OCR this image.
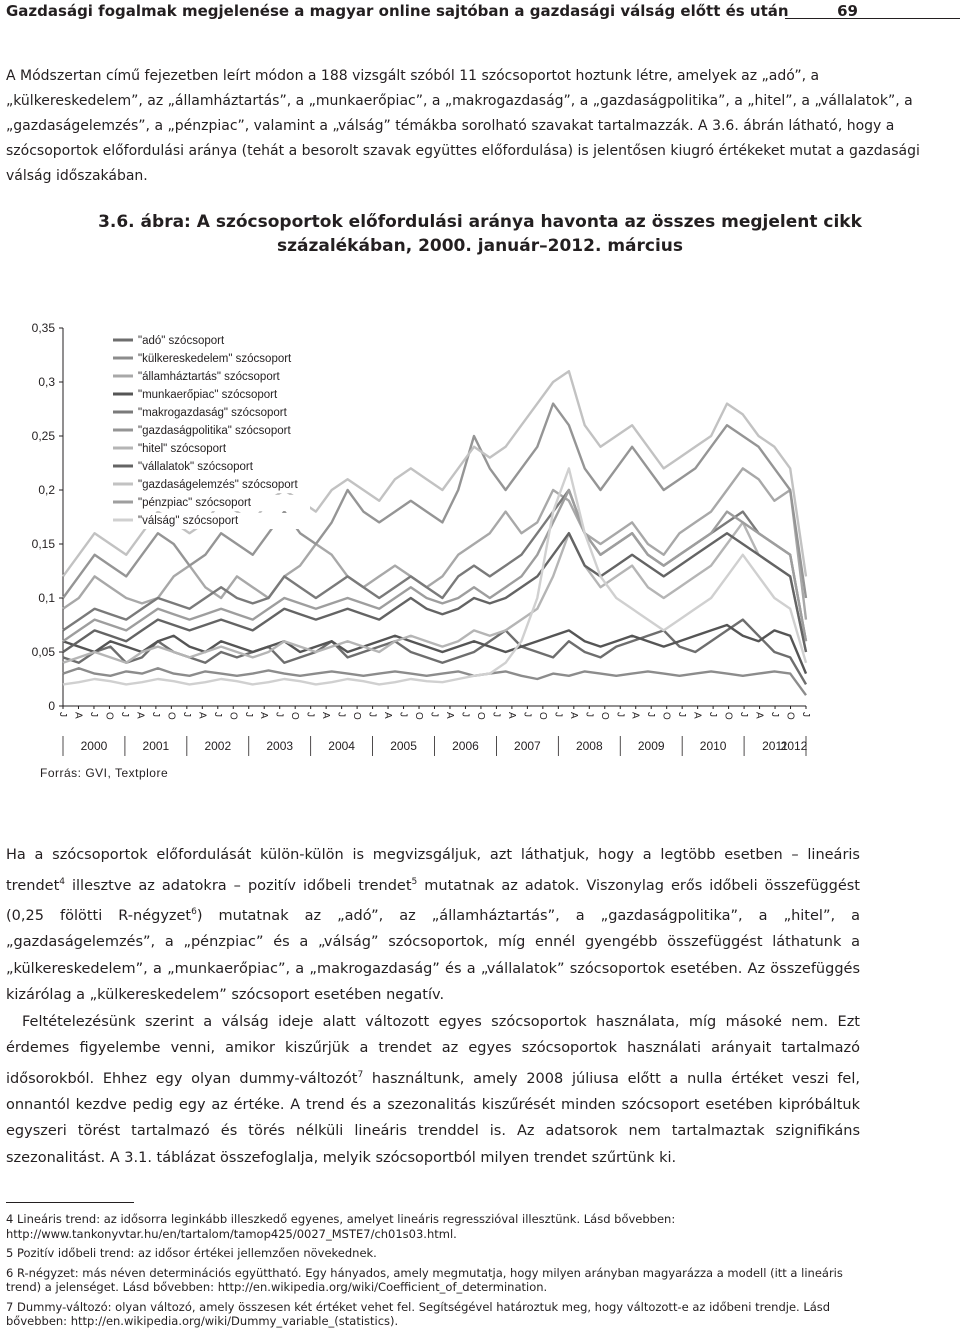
Gazdasági fogalmak megjelenése a magyar online sajtóban a gazdasági válság előtt és után	69

A Módszertan című fejezetben leírt módon a 188 vizsgált szóból 11 szócsoportot hoztunk létre, amelyek az „adó”, a „külkereskedelem”, az „államháztartás”, a „munkaerőpiac”, a „makrogazdaság”, a „gazdaságpolitika”, a „hitel”, a „vállalatok”, a „gazdaságelemzés”, a „pénzpiac”, valamint a „válság” témákba sorolható szavakat tartalmazzák. A 3.6. ábrán látható, hogy a szócsoportok előfordulási aránya (tehát a besorolt szavak együttes előfordulása) is jelentősen kiugró értékeket mutat a gazdasági válság időszakában.

3.6. ábra: A szócsoportok előfordulási aránya havonta az összes megjelent cikk
százalékában, 2000. január–2012. március
0
0,05
0,1
0,15
0,2
0,25
0,3
0,35
J A J O J A J O J A J O J A J O J A J O J A J O J A J O J A J O J A J O J A J O J A J O J A J O J
2000	2001	2002	2003	2004	2005	2006	2007	2008	2009	2010	2011
2012
"adó" szócsoport
"külkereskedelem" szócsoport
"államháztartás" szócsoport
"munkaerőpiac" szócsoport
"makrogazdaság" szócsoport
"gazdaságpolitika" szócsoport
"hitel" szócsoport
"vállalatok" szócsoport
"gazdaságelemzés" szócsoport
"pénzpiac" szócsoport
"válság" szócsoport
Forrás: GVI, Textplore

Ha a szócsoportok előfordulását külön-külön is megvizsgáljuk, azt láthatjuk, hogy a legtöbb esetben – lineáris trendet$^4$ illesztve az adatokra – pozitív időbeli trendet$^5$ mutatnak az adatok. Viszonylag erős időbeli összefüggést (0,25 fölötti R-négyzet$^6$) mutatnak az „adó”, az „államháztartás”, a „gazdaságpolitika”, a „hitel”, a „gazdaságelemzés”, a „pénzpiac” és a „válság” szócsoportok, míg ennél gyengébb összefüggést láthatunk a „külkereskedelem”, a „munkaerőpiac”, a „makrogazdaság” és a „vállalatok” szócsoportok esetében. Az összefüggés kizárólag a „külkereskedelem” szócsoport esetében negatív.

Feltételezésünk szerint a válság ideje alatt változott egyes szócsoportok használata, míg másoké nem. Ezt érdemes figyelembe venni, amikor kiszűrjük a trendet az egyes szócsoportok használati arányait tartalmazó idősorokból. Ehhez egy olyan dummy-változót$^7$ használtunk, amely 2008 júliusa előtt a nulla értéket veszi fel, onnantól kezdve pedig egy az értéke. A trend és a szezonalitás kiszűrését minden szócsoport esetében kipróbáltuk egyszeri törést tartalmazó és törés nélküli lineáris trenddel is. Az adatsorok nem tartalmaztak szignifikáns szezonalitást. A 3.1. táblázat összefoglalja, melyik szócsoportból milyen trendet szűrtünk ki.

4 Lineáris trend: az idősorra leginkább illeszkedő egyenes, amelyet lineáris regresszióval illesztünk. Lásd bővebben: http://www.tankonyvtar.hu/en/tartalom/tamop425/0027_MSTE7/ch01s03.html.

5 Pozitív időbeli trend: az idősor értékei jellemzően növekednek.

6 R-négyzet: más néven determinációs együttható. Egy hányados, amely megmutatja, hogy milyen arányban magyarázza a modell (itt a lineáris trend) a jelenséget. Lásd bővebben: http://en.wikipedia.org/wiki/Coefficient_of_determination.

7 Dummy-változó: olyan változó, amely összesen két értéket vehet fel. Segítségével határoztuk meg, hogy változott-e az időbeni trendje. Lásd bővebben: http://en.wikipedia.org/wiki/Dummy_variable_(statistics).
